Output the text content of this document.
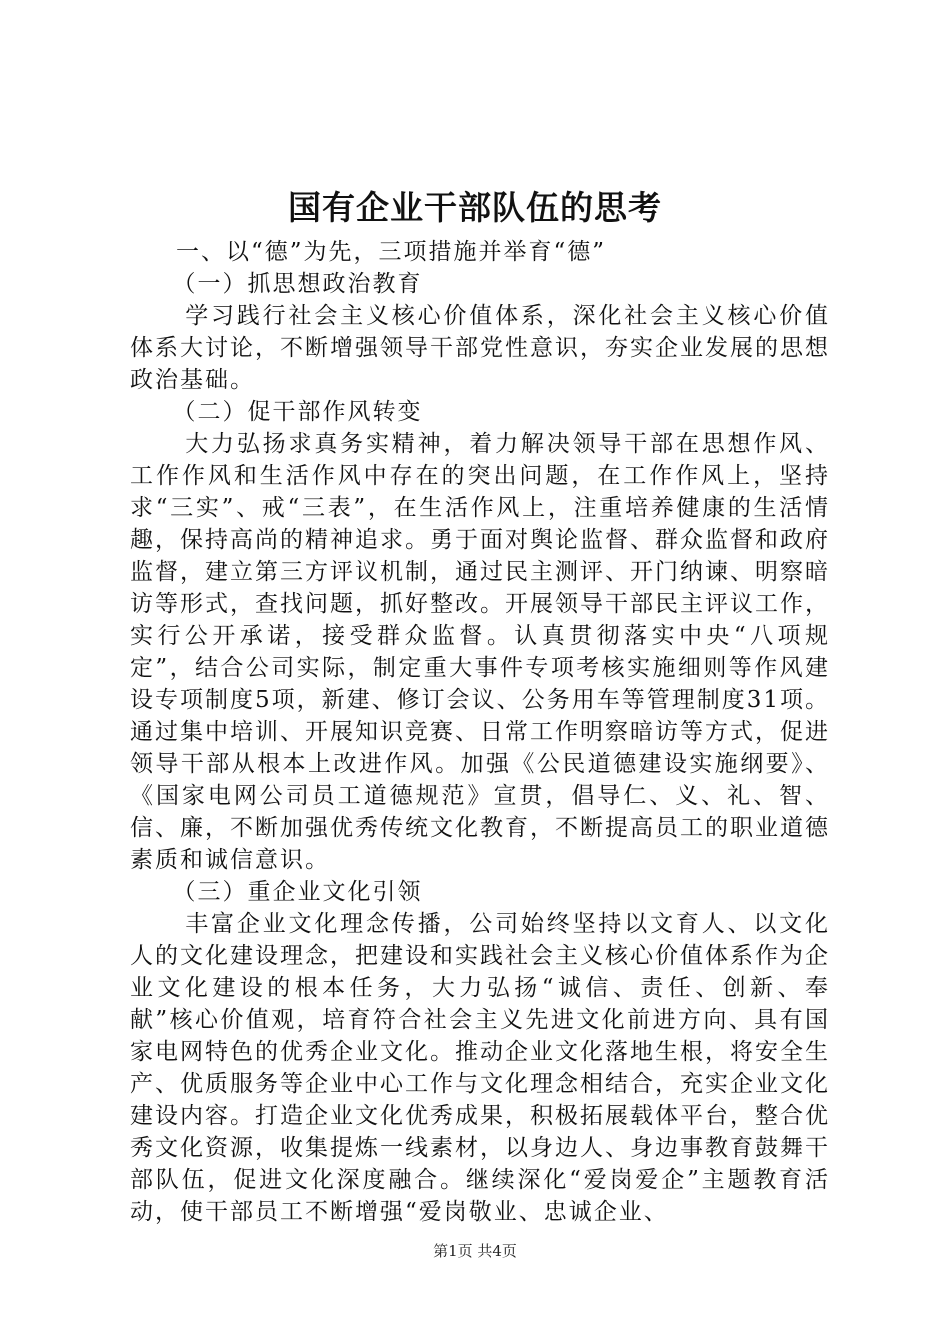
国有企业干部队伍的思考

一、以“德”为先，三项措施并举育“德”

（一）抓思想政治教育

学习践行社会主义核心价值体系，深化社会主义核心价值体系大讨论，不断增强领导干部党性意识，夯实企业发展的思想政治基础。

（二）促干部作风转变

大力弘扬求真务实精神，着力解决领导干部在思想作风、工作作风和生活作风中存在的突出问题，在工作作风上，坚持求“三实”、戒“三表”，在生活作风上，注重培养健康的生活情趣，保持高尚的精神追求。勇于面对舆论监督、群众监督和政府监督，建立第三方评议机制，通过民主测评、开门纳谏、明察暗访等形式，查找问题，抓好整改。开展领导干部民主评议工作，实行公开承诺，接受群众监督。认真贯彻落实中央“八项规定”，结合公司实际，制定重大事件专项考核实施细则等作风建设专项制度5项，新建、修订会议、公务用车等管理制度31项。通过集中培训、开展知识竞赛、日常工作明察暗访等方式，促进领导干部从根本上改进作风。加强《公民道德建设实施纲要》、《国家电网公司员工道德规范》宣贯，倡导仁、义、礼、智、信、廉，不断加强优秀传统文化教育，不断提高员工的职业道德素质和诚信意识。

（三）重企业文化引领

丰富企业文化理念传播，公司始终坚持以文育人、以文化人的文化建设理念，把建设和实践社会主义核心价值体系作为企业文化建设的根本任务，大力弘扬“诚信、责任、创新、奉献”核心价值观，培育符合社会主义先进文化前进方向、具有国家电网特色的优秀企业文化。推动企业文化落地生根，将安全生产、优质服务等企业中心工作与文化理念相结合，充实企业文化建设内容。打造企业文化优秀成果，积极拓展载体平台，整合优秀文化资源，收集提炼一线素材，以身边人、身边事教育鼓舞干部队伍，促进文化深度融合。继续深化“爱岗爱企”主题教育活动，使干部员工不断增强“爱岗敬业、忠诚企业、

第1页 共4页
